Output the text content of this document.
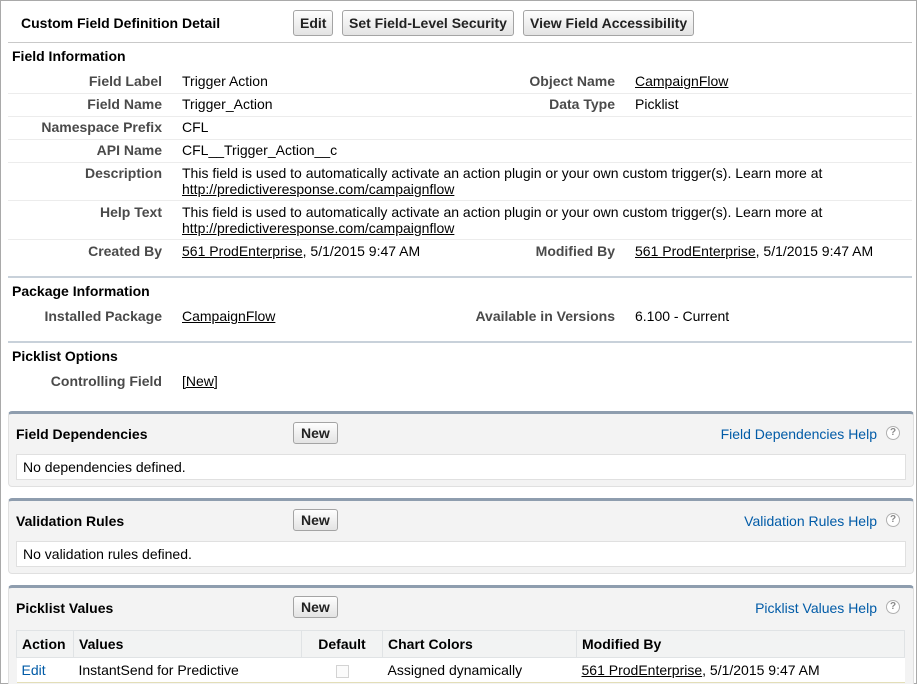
Custom Field Definition Detail	Edit	Set Field-Level Security	View Field Accessibility
Field Information
Field Label Trigger Action	Object Name CampaignFlow
Field Name Trigger_Action	Data Type Picklist
Namespace Prefix CFL
API Name CFL__Trigger_Action__c
Description This field is used to automatically activate an action plugin or your own custom trigger(s). Learn more at
http://predictiveresponse.com/campaignflow
Help Text This field is used to automatically activate an action plugin or your own custom trigger(s). Learn more at
http://predictiveresponse.com/campaignflow
Created By 561 ProdEnterprise, 5/1/2015 9:47 AM	Modified By 561 ProdEnterprise, 5/1/2015 9:47 AM
Package Information
Installed Package CampaignFlow	Available in Versions 6.100 - Current
Picklist Options
Controlling Field [New]
Field Dependencies	New	Field Dependencies Help	?
No dependencies defined.
Validation Rules	New	Validation Rules Help	?
No validation rules defined.
Picklist Values	New	Picklist Values Help	?
Action	Values	Default	Chart Colors	Modified By
Edit	InstantSend for Predictive		Assigned dynamically	561 ProdEnterprise, 5/1/2015 9:47 AM
